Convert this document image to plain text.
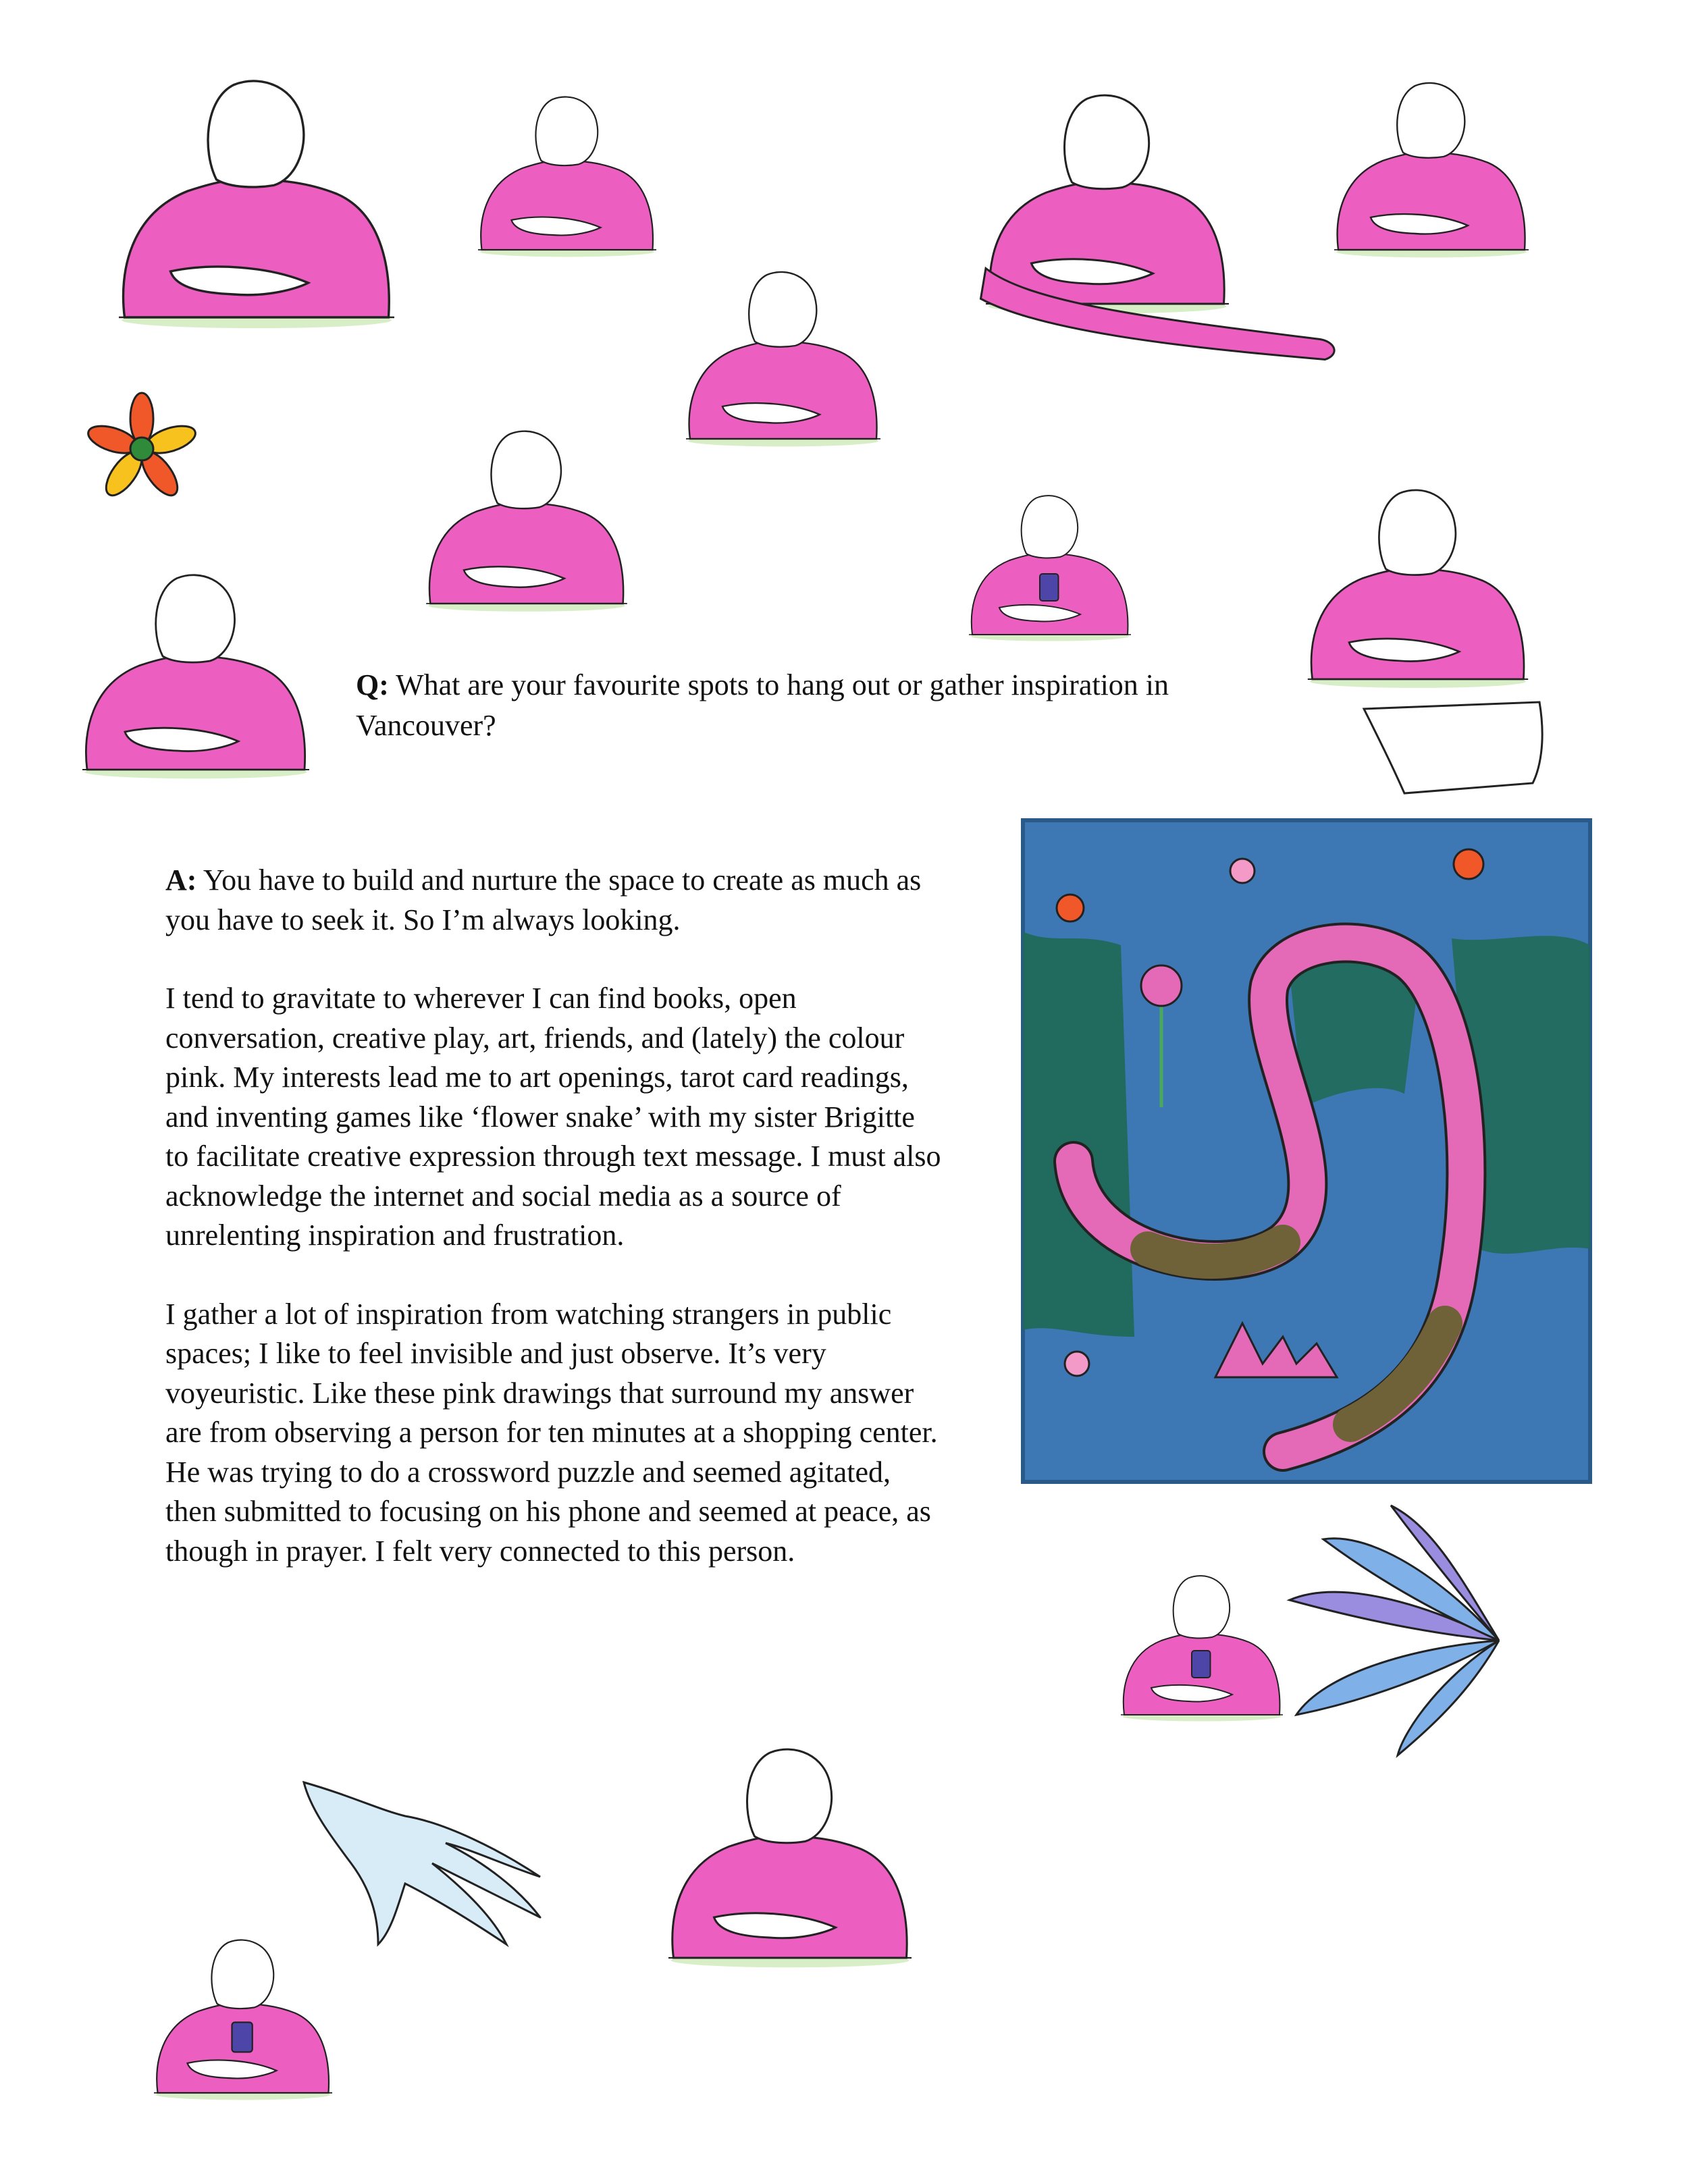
Q: What are your favourite spots to hang out or gather inspiration in Vancouver?

A: You have to build and nurture the space to create as much as you have to seek it. So I’m always looking.

I tend to gravitate to wherever I can find books, open conversation, creative play, art, friends, and (lately) the colour pink. My interests lead me to art openings, tarot card readings, and inventing games like ‘flower snake’ with my sister Brigitte to facilitate creative expression through text message. I must also acknowledge the internet and social media as a source of unrelenting inspiration and frustration.

I gather a lot of inspiration from watching strangers in public spaces; I like to feel invisible and just observe. It’s very voyeuristic. Like these pink drawings that surround my answer are from observing a person for ten minutes at a shopping center. He was trying to do a crossword puzzle and seemed agitated, then submitted to focusing on his phone and seemed at peace, as though in prayer. I felt very connected to this person.
